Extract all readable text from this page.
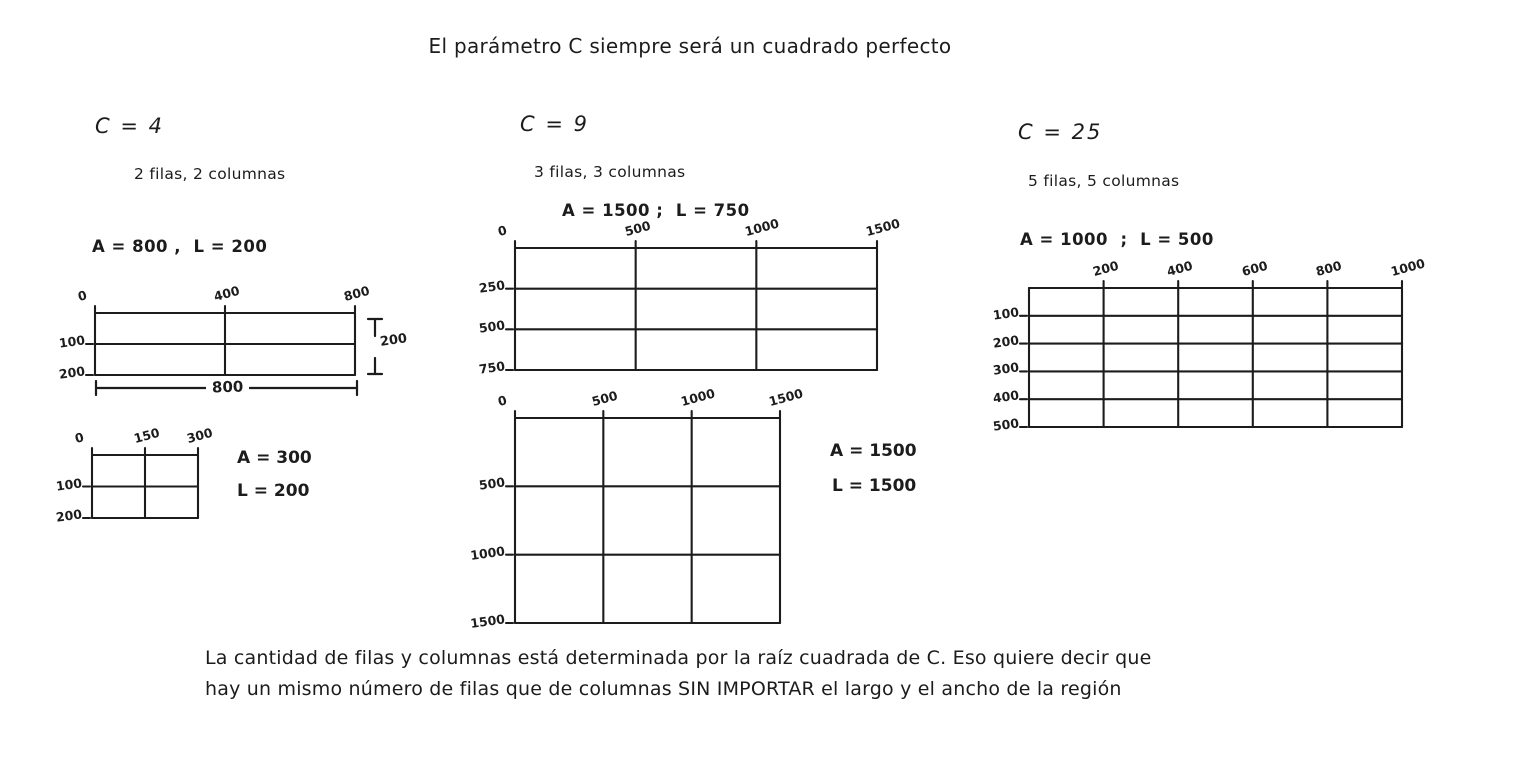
El parámetro C siempre será un cuadrado perfecto
C = 4
2 filas, 2 columnas
A = 800 ,  L = 200
0	400	800
100
200
200
800
0	150 300
100
200
A = 300
L = 200
C = 9
3 filas, 3 columnas
A = 1500 ;  L = 750
0	500	1000	1500
250
500
750
0	500	1000	1500
500
1000
1500
A = 1500
L = 1500
C = 25
5 filas, 5 columnas
A = 1000  ;  L = 500
200	400	600	800	1000
100
200
300
400
500
La cantidad de filas y columnas está determinada por la raíz cuadrada de C. Eso quiere decir que
hay un mismo número de filas que de columnas SIN IMPORTAR el largo y el ancho de la región
